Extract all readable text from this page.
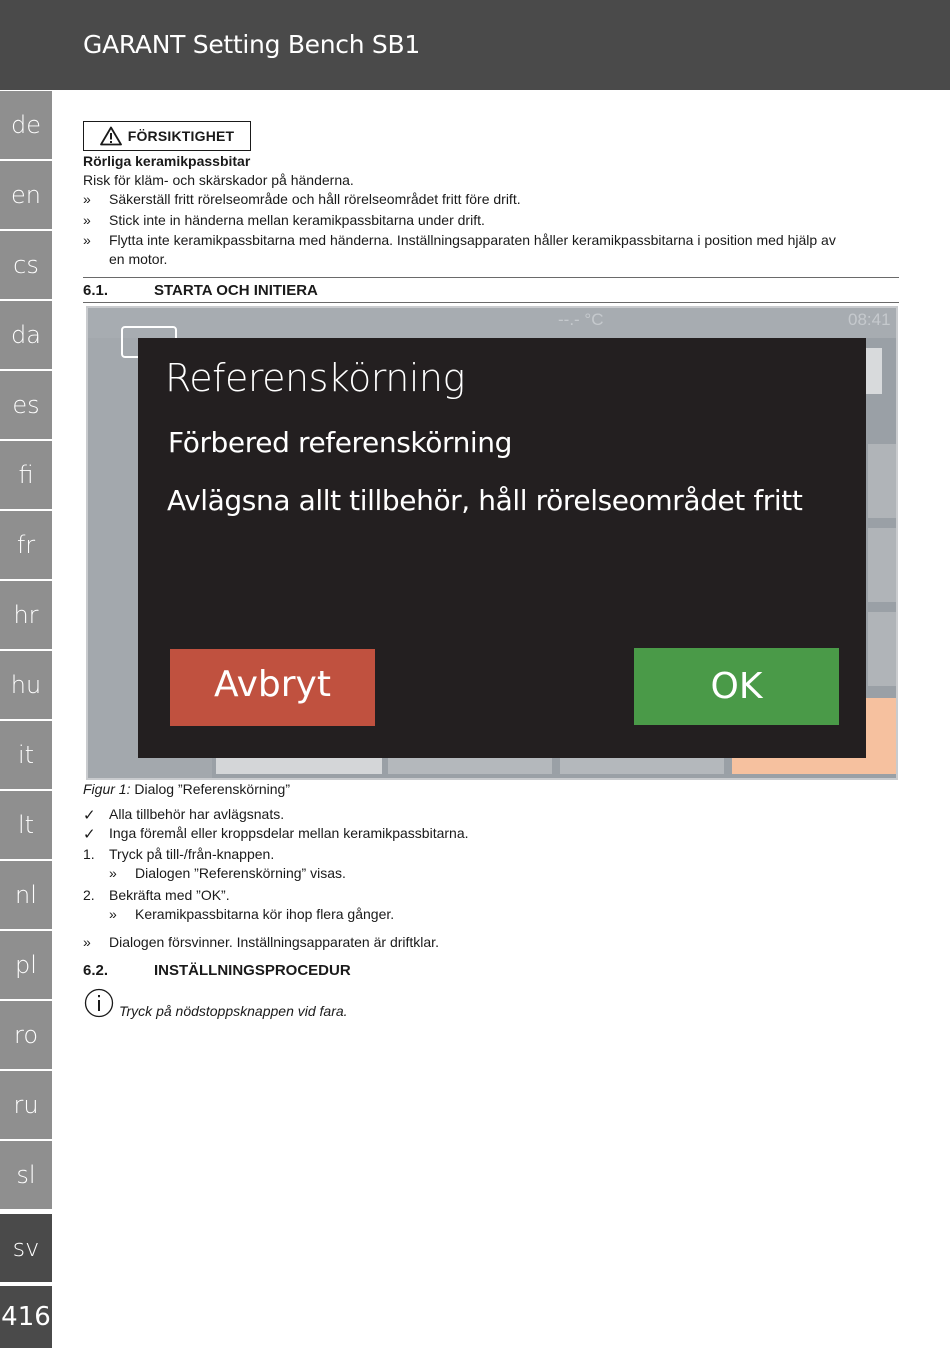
GARANT Setting Bench SB1
de
en
cs
da
es
fi
fr
hr
hu
it
lt
nl
pl
ro
ru
sl
sv
416
FÖRSIKTIGHET
Rörliga keramikpassbitar
Risk för kläm- och skärskador på händerna.
» Säkerställ fritt rörelseområde och håll rörelseområdet fritt före drift.
» Stick inte in händerna mellan keramikpassbitarna under drift.
» Flytta inte keramikpassbitarna med händerna. Inställningsapparaten håller keramikpassbitarna i position med hjälp av
en motor.
6.1.	STARTA OCH INITIERA
--.- °C	08:41
Referenskörning
Förbered referenskörning
Avlägsna allt tillbehör, håll rörelseområdet fritt
Avbryt	OK
Figur 1: Dialog ”Referenskörning”
✓ Alla tillbehör har avlägsnats.
✓ Inga föremål eller kroppsdelar mellan keramikpassbitarna.
1. Tryck på till-/från-knappen.
» Dialogen ”Referenskörning” visas.
2. Bekräfta med ”OK”.
» Keramikpassbitarna kör ihop flera gånger.
» Dialogen försvinner. Inställningsapparaten är driftklar.
6.2.	INSTÄLLNINGSPROCEDUR
Tryck på nödstoppsknappen vid fara.
